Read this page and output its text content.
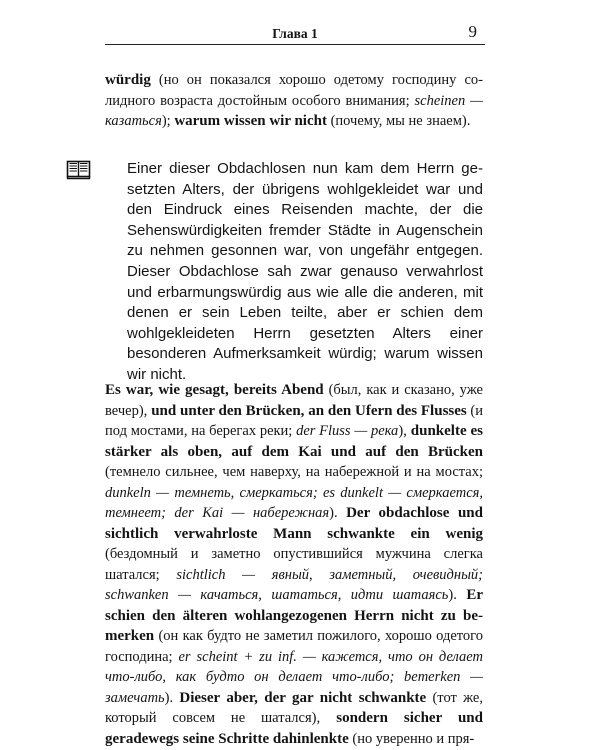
Глава 1	9
würdig (но он показался хорошо одетому господину солидного возраста достойным особого внимания; scheinen — казаться); warum wissen wir nicht (почему, мы не знаем).
Einer dieser Obdachlosen nun kam dem Herrn gesetzten Alters, der übrigens wohlgekleidet war und den Eindruck eines Reisenden machte, der die Sehenswürdigkeiten fremder Städte in Augenschein zu nehmen gesonnen war, von ungefähr entgegen. Dieser Obdachlose sah zwar genauso verwahrlost und erbarmungswürdig aus wie alle die anderen, mit denen er sein Leben teilte, aber er schien dem wohlgekleideten Herrn gesetzten Alters einer besonderen Aufmerksamkeit würdig; warum wissen wir nicht.
Es war, wie gesagt, bereits Abend (был, как и сказано, уже вечер), und unter den Brücken, an den Ufern des Flusses (и под мостами, на берегах реки; der Fluss — река), dunkelte es stärker als oben, auf dem Kai und auf den Brücken (темнело сильнее, чем наверху, на набережной и на мостах; dunkeln — темнеть, смеркаться; es dunkelt — смеркается, темнеет; der Kai — набережная). Der obdachlose und sichtlich verwahrloste Mann schwankte ein wenig (бездомный и заметно опустившийся мужчина слегка шатался; sichtlich — явный, заметный, очевидный; schwanken — качаться, шататься, идти шатаясь). Er schien den älteren wohlangezogenen Herrn nicht zu bemerken (он как будто не заметил пожилого, хорошо одетого господина; er scheint + zu inf. — кажется, что он делает что-либо, как будто он делает что-либо; bemerken — замечать). Dieser aber, der gar nicht schwankte (тот же, который совсем не шатался), sondern sicher und geradewegs seine Schritte dahinlenkte (но уверенно и пря-
